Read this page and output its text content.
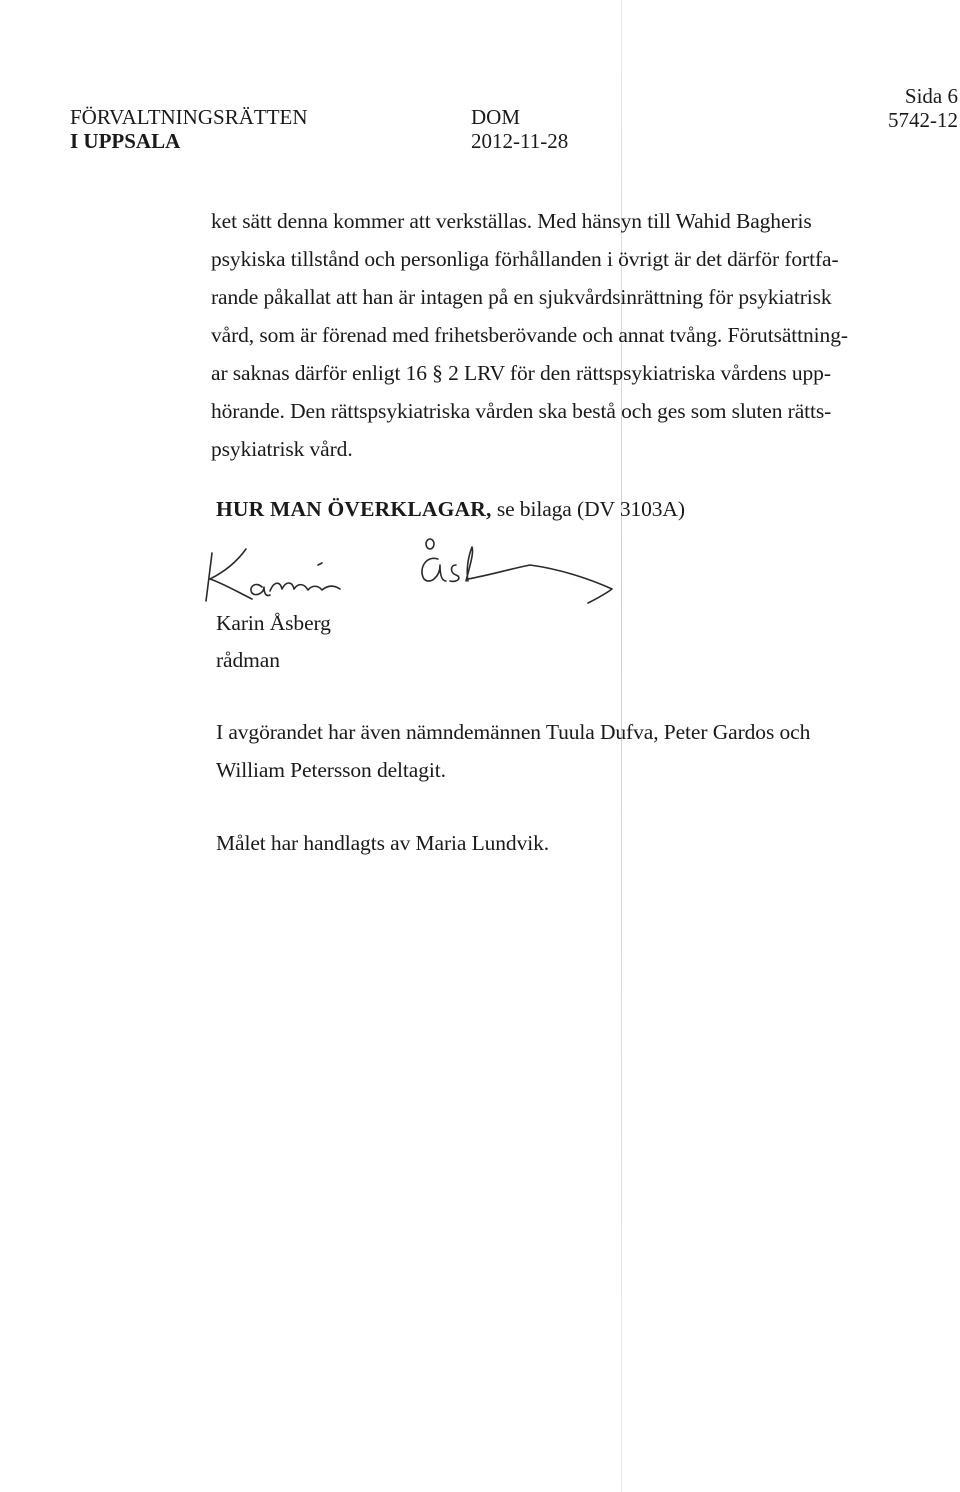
FÖRVALTNINGSRÄTTEN
I UPPSALA
DOM
2012-11-28
Sida 6
5742-12
ket sätt denna kommer att verkställas. Med hänsyn till Wahid Bagheris
psykiska tillstånd och personliga förhållanden i övrigt är det därför fortfa-
rande påkallat att han är intagen på en sjukvårdsinrättning för psykiatrisk
vård, som är förenad med frihetsberövande och annat tvång. Förutsättning-
ar saknas därför enligt 16 § 2 LRV för den rättspsykiatriska vårdens upp-
hörande. Den rättspsykiatriska vården ska bestå och ges som sluten rätts-
psykiatrisk vård.
HUR MAN ÖVERKLAGAR, se bilaga (DV 3103A)
Karin Åsberg
rådman
I avgörandet har även nämndemännen Tuula Dufva, Peter Gardos och
William Petersson deltagit.
Målet har handlagts av Maria Lundvik.
